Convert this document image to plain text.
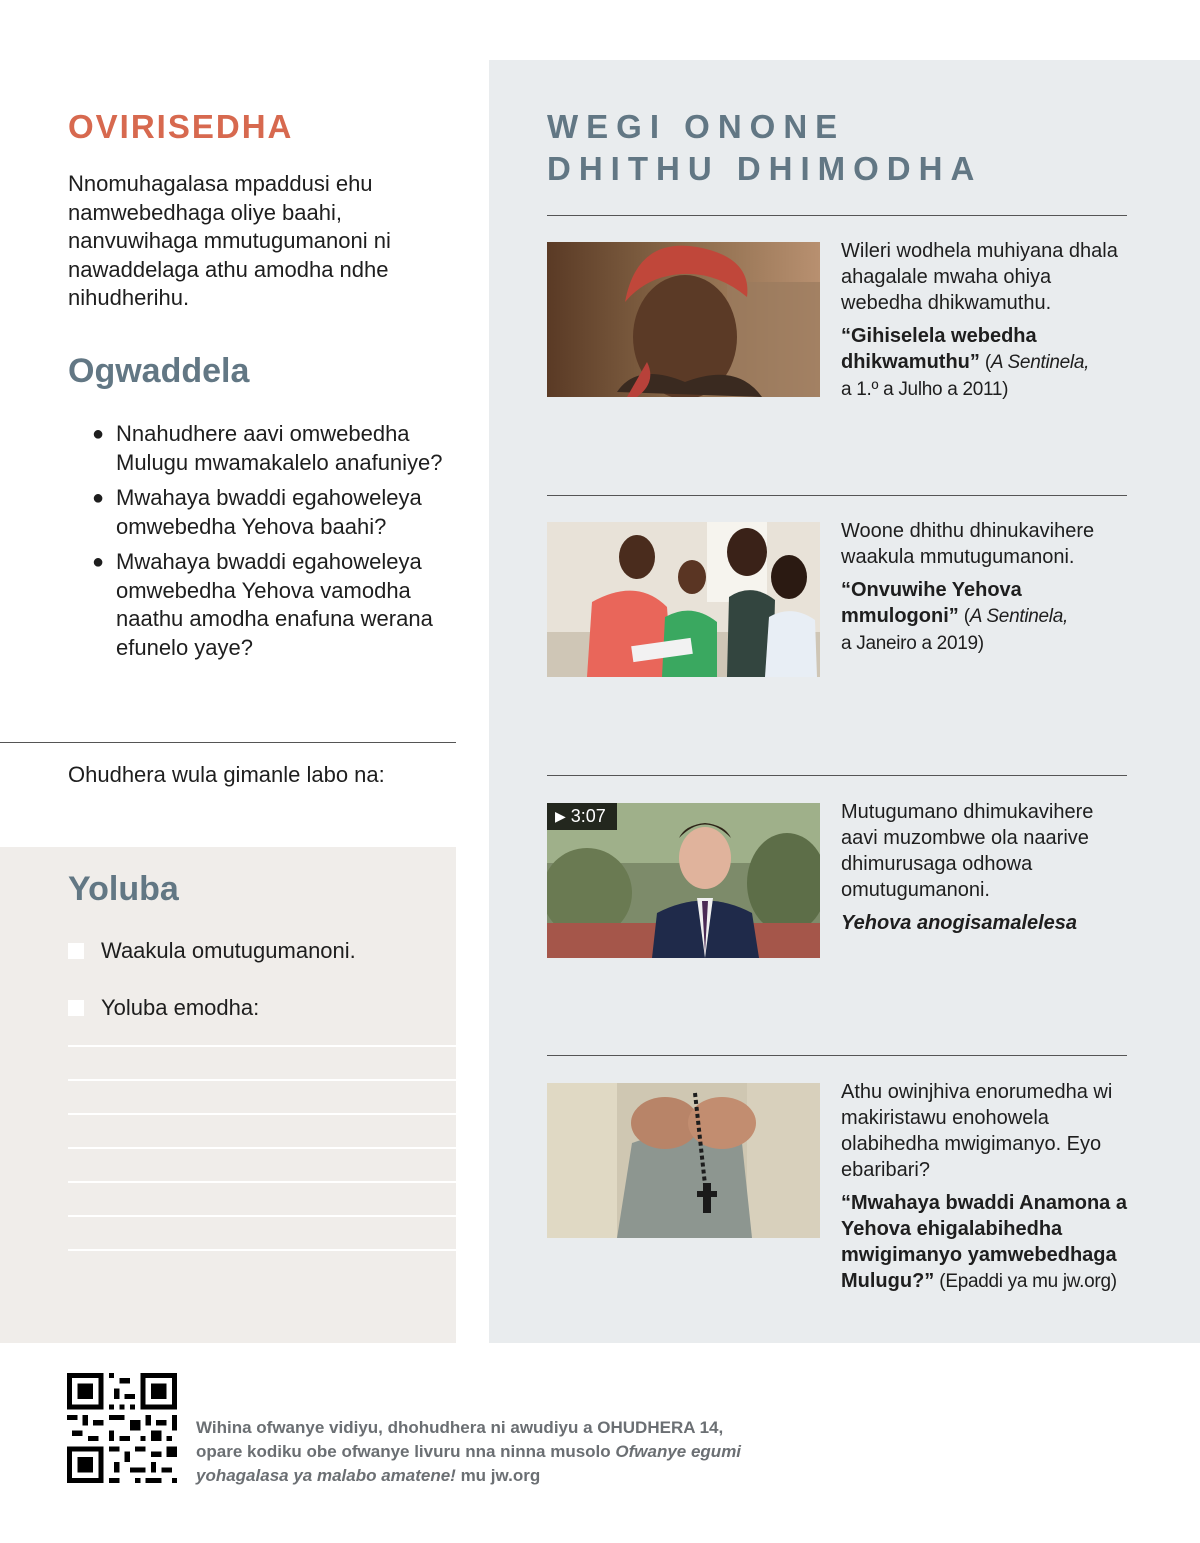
OVIRISEDHA
Nnomuhagalasa mpaddusi ehu namwebedhaga oliye baahi, nanvuwihaga mmutugumanoni ni nawaddelaga athu amodha ndhe nihudherihu.
Ogwaddela
● Nnahudhere aavi omwebedha Mulugu mwamakalelo anafuniye?
● Mwahaya bwaddi egahoweleya omwebedha Yehova baahi?
● Mwahaya bwaddi egahoweleya omwebedha Yehova vamodha naathu amodha enafuna werana efunelo yaye?
Ohudhera wula gimanle labo na:
Yoluba
Waakula omutugumanoni.
Yoluba emodha:
WEGI ONONE
DHITHU DHIMODHA
Wileri wodhela muhiyana dhala ahagalale mwaha ohiya webedha dhikwamuthu.
“Gihiselela webedha dhikwamuthu” (A Sentinela,
a 1.º a Julho a 2011)
Woone dhithu dhinukavihere waakula mmutugumanoni.
“Onvuwihe Yehova mmulogoni” (A Sentinela,
a Janeiro a 2019)
▶ 3:07	Mutugumano dhimukavihere aavi muzombwe ola naarive dhimurusaga odhowa omutugumanoni.
Yehova anogisamalelesa
Athu owinjhiva enorumedha wi makiristawu enohowela olabihedha mwigimanyo. Eyo ebaribari?
“Mwahaya bwaddi Anamona a Yehova ehigalabihedha mwigimanyo yamwebedhaga Mulugu?” (Epaddi ya mu jw.org)
Wihina ofwanye vidiyu, dhohudhera ni awudiyu a OHUDHERA 14, opare kodiku obe ofwanye livuru nna ninna musolo Ofwanye egumi yohagalasa ya malabo amatene! mu jw.org
